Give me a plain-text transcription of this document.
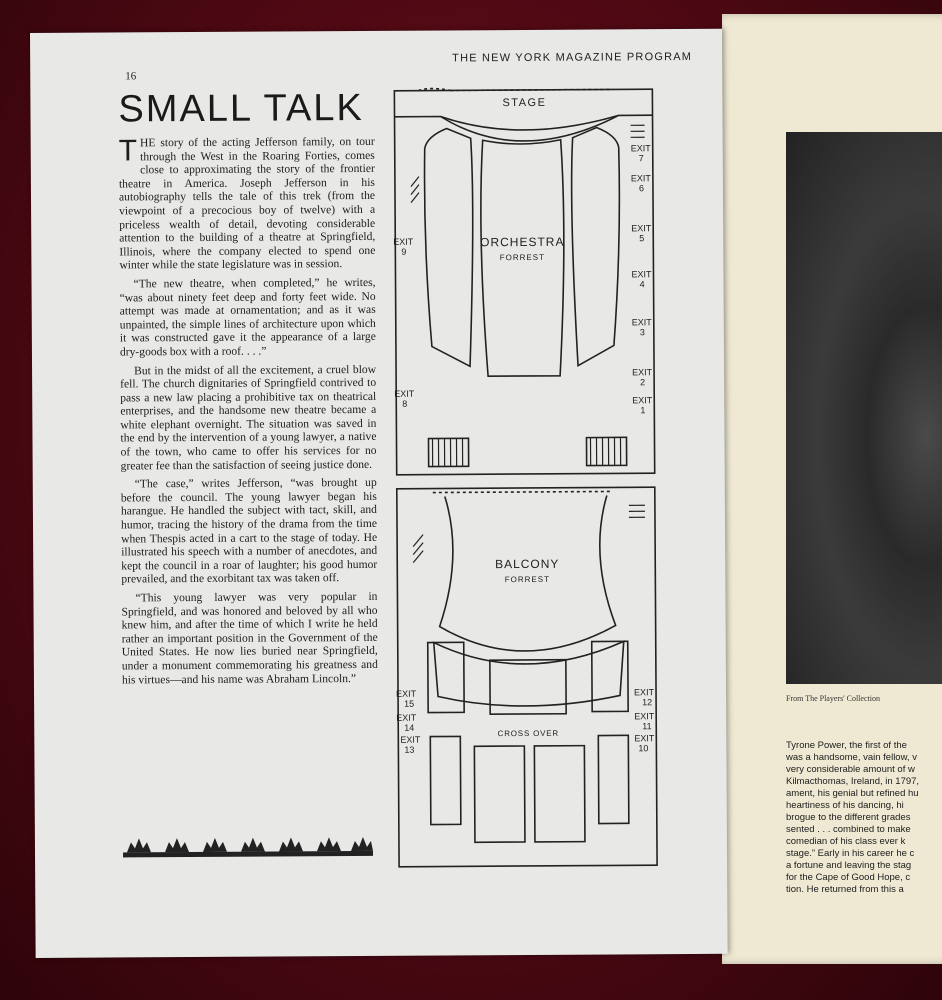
From The Players' Collection
Tyrone Power, the first of the
was a handsome, vain fellow, v
very considerable amount of w
Kilmacthomas, Ireland, in 1797,
ament, his genial but refined hu
heartiness of his dancing, hi
brogue to the different grades
sented . . . combined to make
comedian of his class ever k
stage.” Early in his career he c
a fortune and leaving the stag
for the Cape of Good Hope, c
tion. He returned from this a
16
THE NEW YORK MAGAZINE PROGRAM
SMALL TALK

THE story of the acting Jefferson family, on tour through the West in the Roaring Forties, comes close to approximating the story of the frontier theatre in America. Joseph Jefferson in his autobiography tells the tale of this trek (from the viewpoint of a precocious boy of twelve) with a priceless wealth of detail, devoting considerable attention to the building of a theatre at Springfield, Illinois, where the company elected to spend one winter while the state legislature was in session.

“The new theatre, when completed,” he writes, “was about ninety feet deep and forty feet wide. No attempt was made at ornamentation; and as it was unpainted, the simple lines of architecture upon which it was constructed gave it the appearance of a large dry-goods box with a roof. . . .”

But in the midst of all the excitement, a cruel blow fell. The church dignitaries of Springfield contrived to pass a new law placing a prohibitive tax on theatrical enterprises, and the handsome new theatre became a white elephant overnight. The situation was saved in the end by the intervention of a young lawyer, a native of the town, who came to offer his services for no greater fee than the satisfaction of seeing justice done.

“The case,” writes Jefferson, “was brought up before the council. The young lawyer began his harangue. He handled the subject with tact, skill, and humor, tracing the history of the drama from the time when Thespis acted in a cart to the stage of today. He illustrated his speech with a number of anecdotes, and kept the council in a roar of laughter; his good humor prevailed, and the exorbitant tax was taken off.

“This young lawyer was very popular in Springfield, and was honored and beloved by all who knew him, and after the time of which I write he held rather an important position in the Government of the United States. He now lies buried near Springfield, under a monument commemorating his greatness and his virtues—and his name was Abraham Lincoln.”

STAGE
ORCHESTRA
FORREST
BALCONY
FORREST
CROSS OVER
EXIT
7
EXIT
6
EXIT
5
EXIT
4
EXIT
3
EXIT
2
EXIT
1
EXIT
9
EXIT
8
EXIT
15
EXIT
14
EXIT
13
EXIT
12
EXIT
11
EXIT
10
